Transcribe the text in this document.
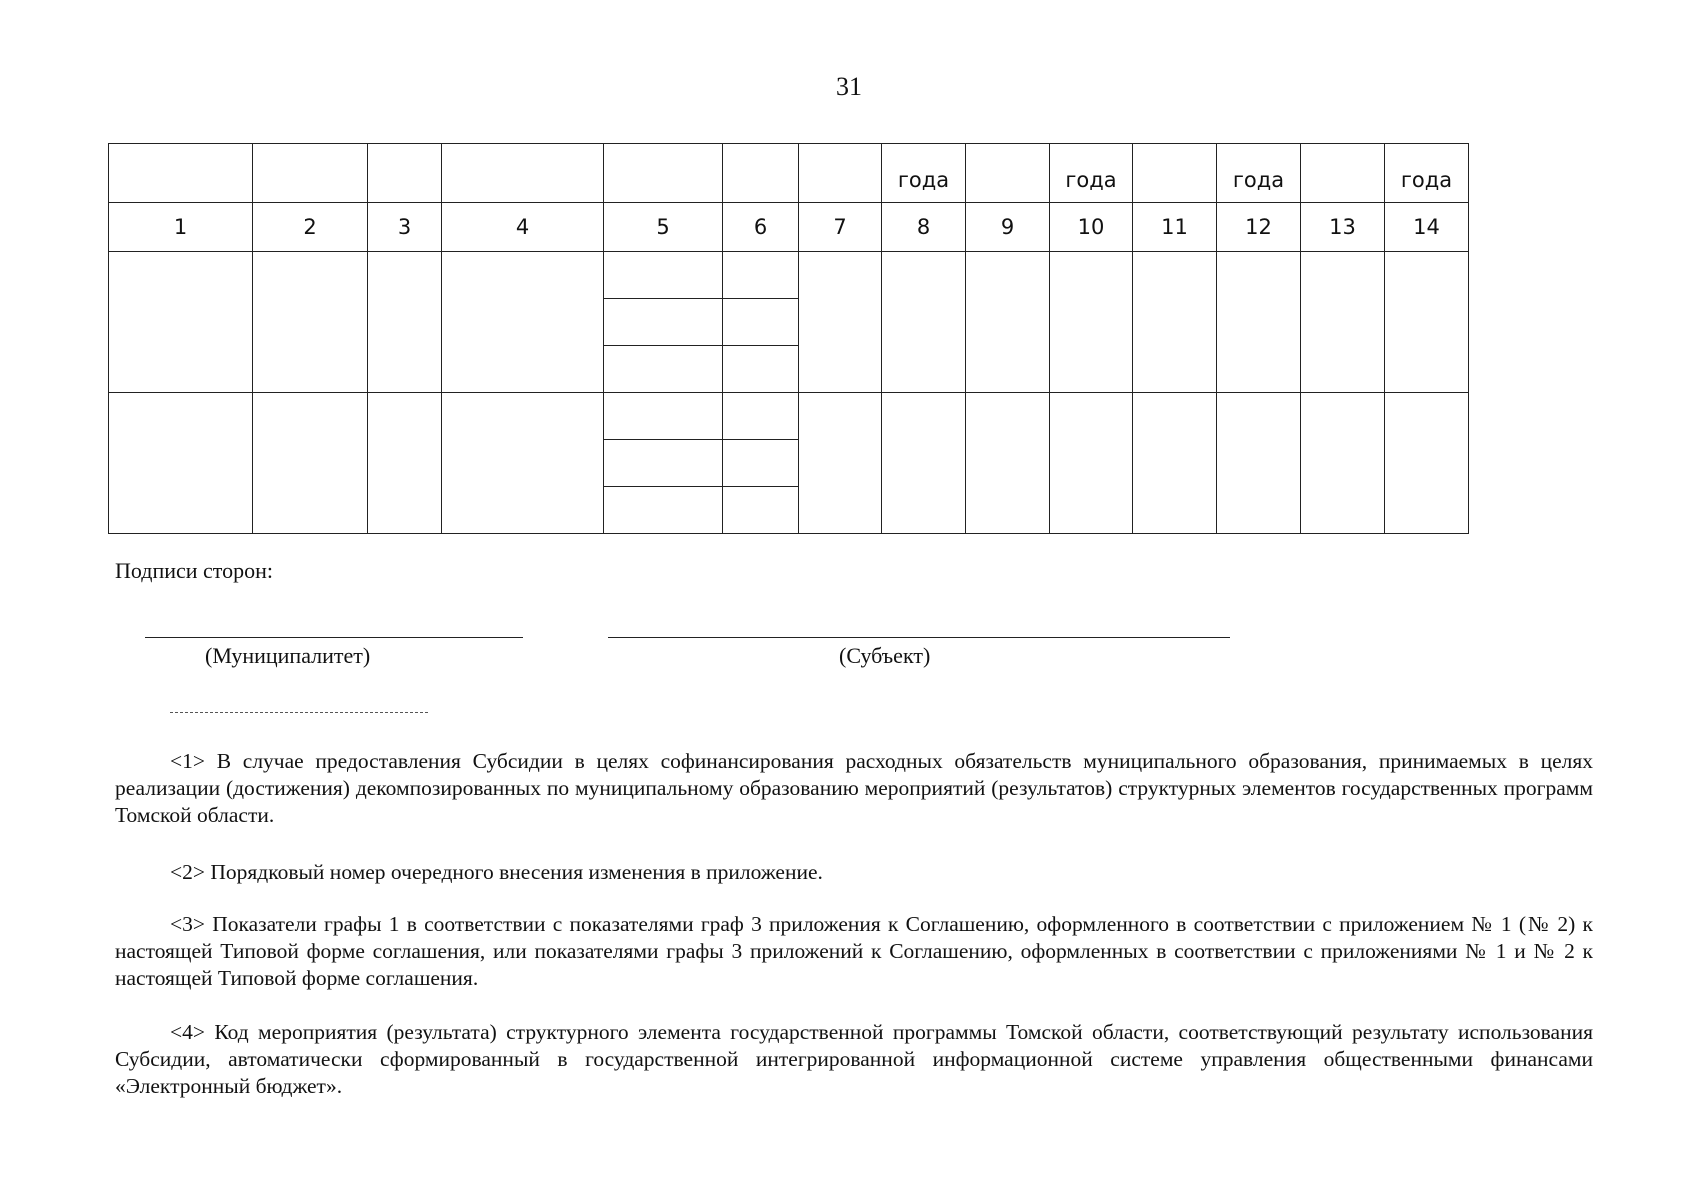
31
							года		года		года		года
1	2	3	4	5	6	7	8	9	10	11	12	13	14

Подписи сторон:
(Муниципалитет)	(Субъект)

<1> В случае предоставления Субсидии в целях софинансирования расходных обязательств муниципального образования, принимаемых в целях реализации (достижения) декомпозированных по муниципальному образованию мероприятий (результатов) структурных элементов государственных программ Томской области.

<2> Порядковый номер очередного внесения изменения в приложение.

<3> Показатели графы 1 в соответствии с показателями граф 3 приложения к Соглашению, оформленного в соответствии с приложением № 1 (№ 2) к настоящей Типовой форме соглашения, или показателями графы 3 приложений к Соглашению, оформленных в соответствии с приложениями № 1 и № 2 к настоящей Типовой форме соглашения.

<4> Код мероприятия (результата) структурного элемента государственной программы Томской области, соответствующий результату использования Субсидии, автоматически сформированный в государственной интегрированной информационной системе управления общественными финансами «Электронный бюджет».
